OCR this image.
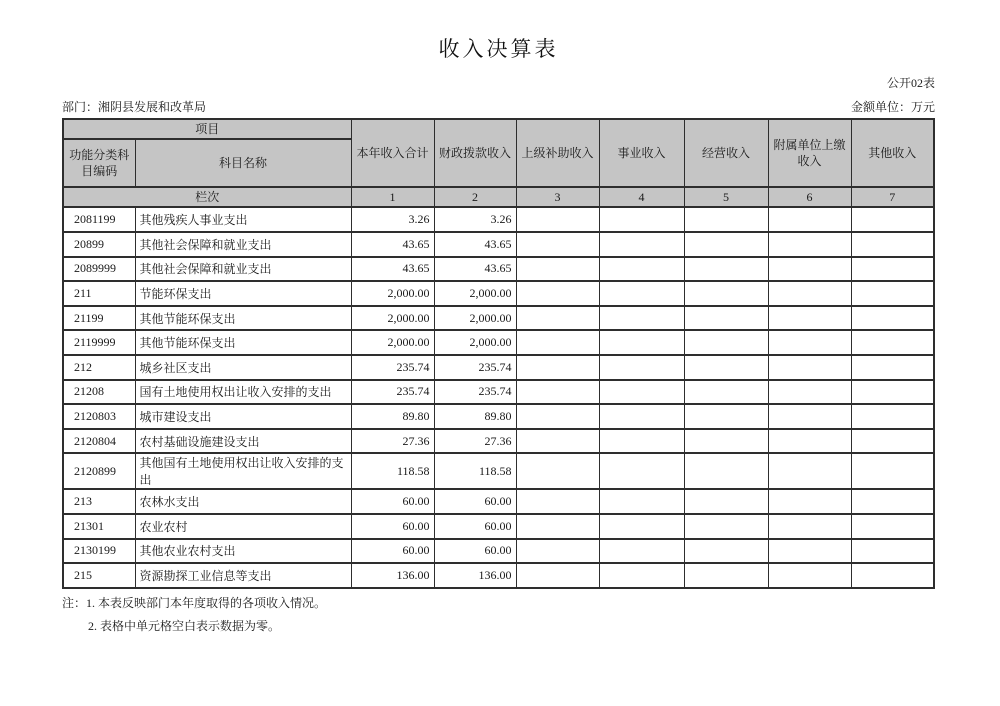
收入决算表
公开02表
部门：湘阴县发展和改革局	金额单位：万元
项目		本年收入合计	财政拨款收入	上级补助收入	事业收入	经营收入	附属单位上缴收入	其他收入
功能分类科目编码	科目名称							
栏次		1	2	3	4	5	6	7
2081199	其他残疾人事业支出	3.26	3.26					
20899	其他社会保障和就业支出	43.65	43.65					
2089999	其他社会保障和就业支出	43.65	43.65					
211	节能环保支出	2,000.00	2,000.00					
21199	其他节能环保支出	2,000.00	2,000.00					
2119999	其他节能环保支出	2,000.00	2,000.00					
212	城乡社区支出	235.74	235.74					
21208	国有土地使用权出让收入安排的支出	235.74	235.74					
2120803	城市建设支出	89.80	89.80					
2120804	农村基础设施建设支出	27.36	27.36					
2120899	其他国有土地使用权出让收入安排的支出	118.58	118.58					
213	农林水支出	60.00	60.00					
21301	农业农村	60.00	60.00					
2130199	其他农业农村支出	60.00	60.00					
215	资源勘探工业信息等支出	136.00	136.00					
注：1. 本表反映部门本年度取得的各项收入情况。
2. 表格中单元格空白表示数据为零。
